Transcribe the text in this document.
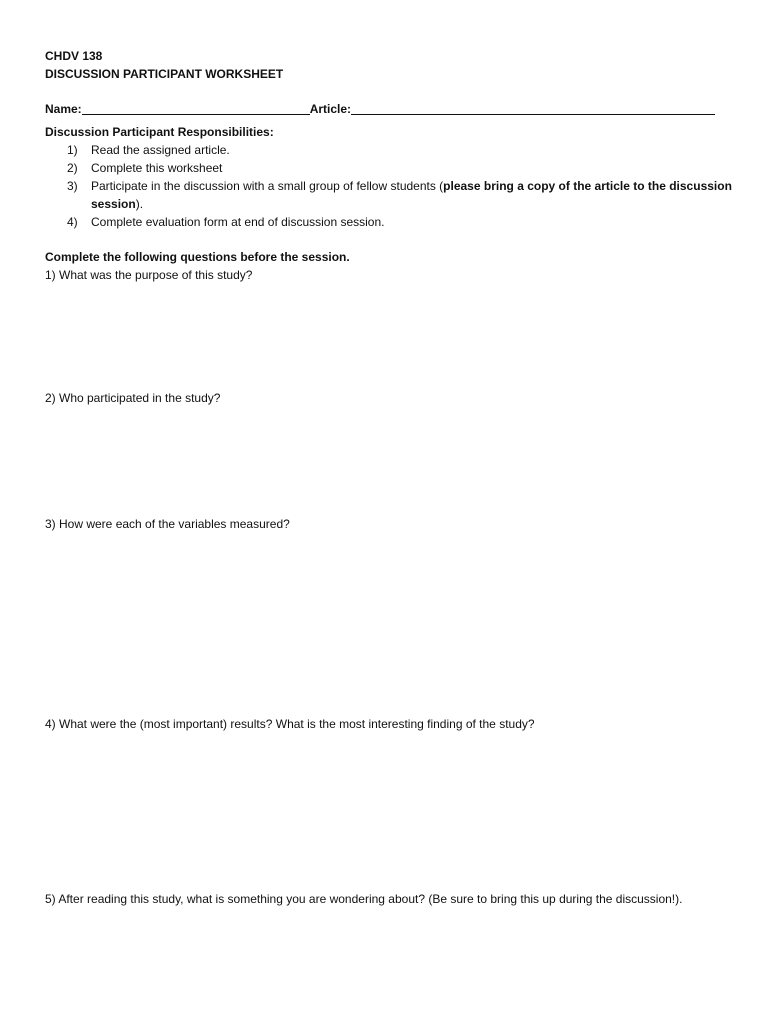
CHDV 138
DISCUSSION PARTICIPANT WORKSHEET
Name:	Article:
Discussion Participant Responsibilities:
1)	Read the assigned article.
2)	Complete this worksheet
3)	Participate in the discussion with a small group of fellow students (please bring a copy of the article to the discussion session).
4)	Complete evaluation form at end of discussion session.
Complete the following questions before the session.
1) What was the purpose of this study?
2) Who participated in the study?
3) How were each of the variables measured?
4) What were the (most important) results? What is the most interesting finding of the study?
5) After reading this study, what is something you are wondering about? (Be sure to bring this up during the discussion!).
